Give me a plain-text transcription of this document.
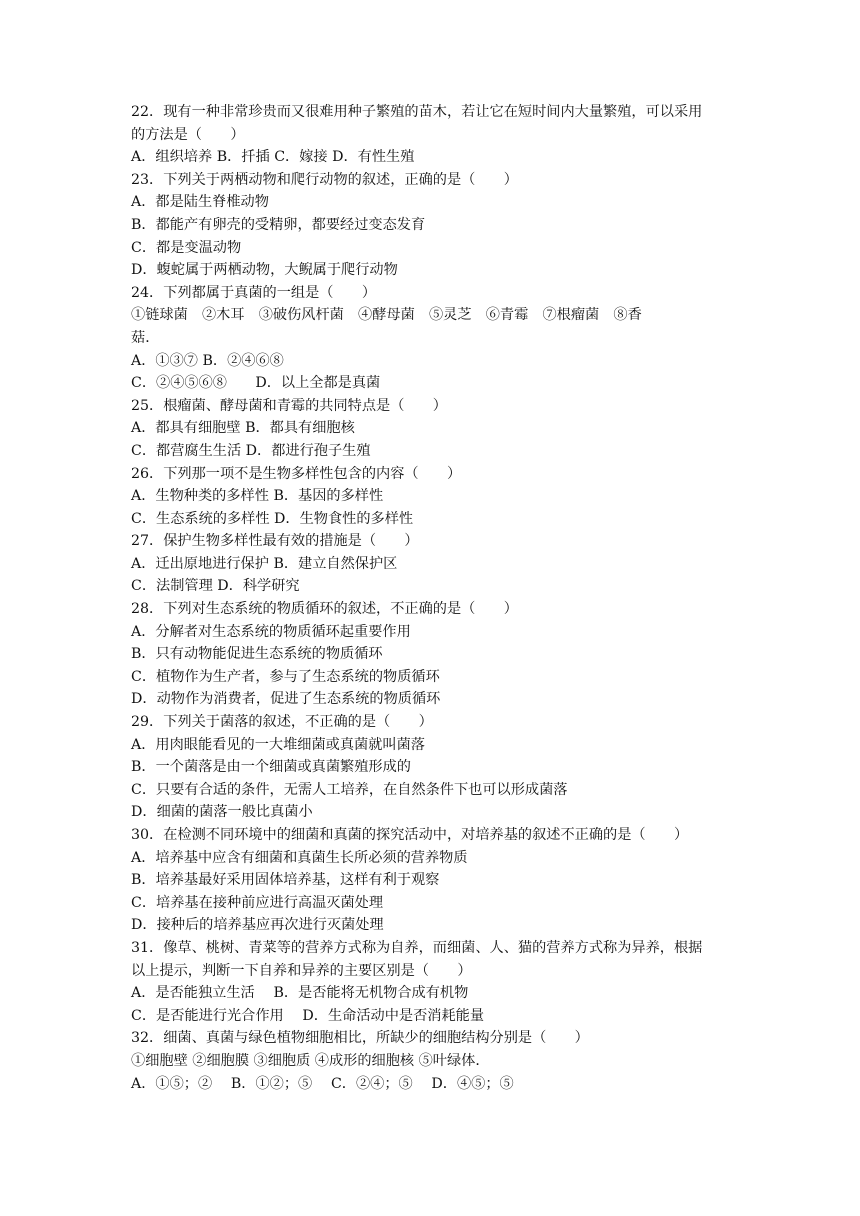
22．现有一种非常珍贵而又很难用种子繁殖的苗木，若让它在短时间内大量繁殖，可以采用
的方法是（　　）
A．组织培养 B．扦插 C．嫁接 D．有性生殖
23．下列关于两栖动物和爬行动物的叙述，正确的是（　　）
A．都是陆生脊椎动物
B．都能产有卵壳的受精卵，都要经过变态发育
C．都是变温动物
D．蝮蛇属于两栖动物，大鲵属于爬行动物
24．下列都属于真菌的一组是（　　）
①链球菌　②木耳　③破伤风杆菌　④酵母菌　⑤灵芝　⑥青霉　⑦根瘤菌　⑧香
菇．
A．①③⑦ B．②④⑥⑧
C．②④⑤⑥⑧　　D．以上全都是真菌
25．根瘤菌、酵母菌和青霉的共同特点是（　　）
A．都具有细胞壁 B．都具有细胞核
C．都营腐生生活 D．都进行孢子生殖
26．下列那一项不是生物多样性包含的内容（　　）
A．生物种类的多样性 B．基因的多样性
C．生态系统的多样性 D．生物食性的多样性
27．保护生物多样性最有效的措施是（　　）
A．迁出原地进行保护 B．建立自然保护区
C．法制管理 D．科学研究
28．下列对生态系统的物质循环的叙述，不正确的是（　　）
A．分解者对生态系统的物质循环起重要作用
B．只有动物能促进生态系统的物质循环
C．植物作为生产者，参与了生态系统的物质循环
D．动物作为消费者，促进了生态系统的物质循环
29．下列关于菌落的叙述，不正确的是（　　）
A．用肉眼能看见的一大堆细菌或真菌就叫菌落
B．一个菌落是由一个细菌或真菌繁殖形成的
C．只要有合适的条件，无需人工培养，在自然条件下也可以形成菌落
D．细菌的菌落一般比真菌小
30．在检测不同环境中的细菌和真菌的探究活动中，对培养基的叙述不正确的是（　　）
A．培养基中应含有细菌和真菌生长所必须的营养物质
B．培养基最好采用固体培养基，这样有利于观察
C．培养基在接种前应进行高温灭菌处理
D．接种后的培养基应再次进行灭菌处理
31．像草、桃树、青菜等的营养方式称为自养，而细菌、人、猫的营养方式称为异养，根据
以上提示，判断一下自养和异养的主要区别是（　　）
A．是否能独立生活　 B．是否能将无机物合成有机物
C．是否能进行光合作用　 D．生命活动中是否消耗能量
32．细菌、真菌与绿色植物细胞相比，所缺少的细胞结构分别是（　　）
①细胞壁 ②细胞膜 ③细胞质 ④成形的细胞核 ⑤叶绿体．
A．①⑤；②　 B．①②；⑤　 C．②④；⑤　 D．④⑤；⑤
